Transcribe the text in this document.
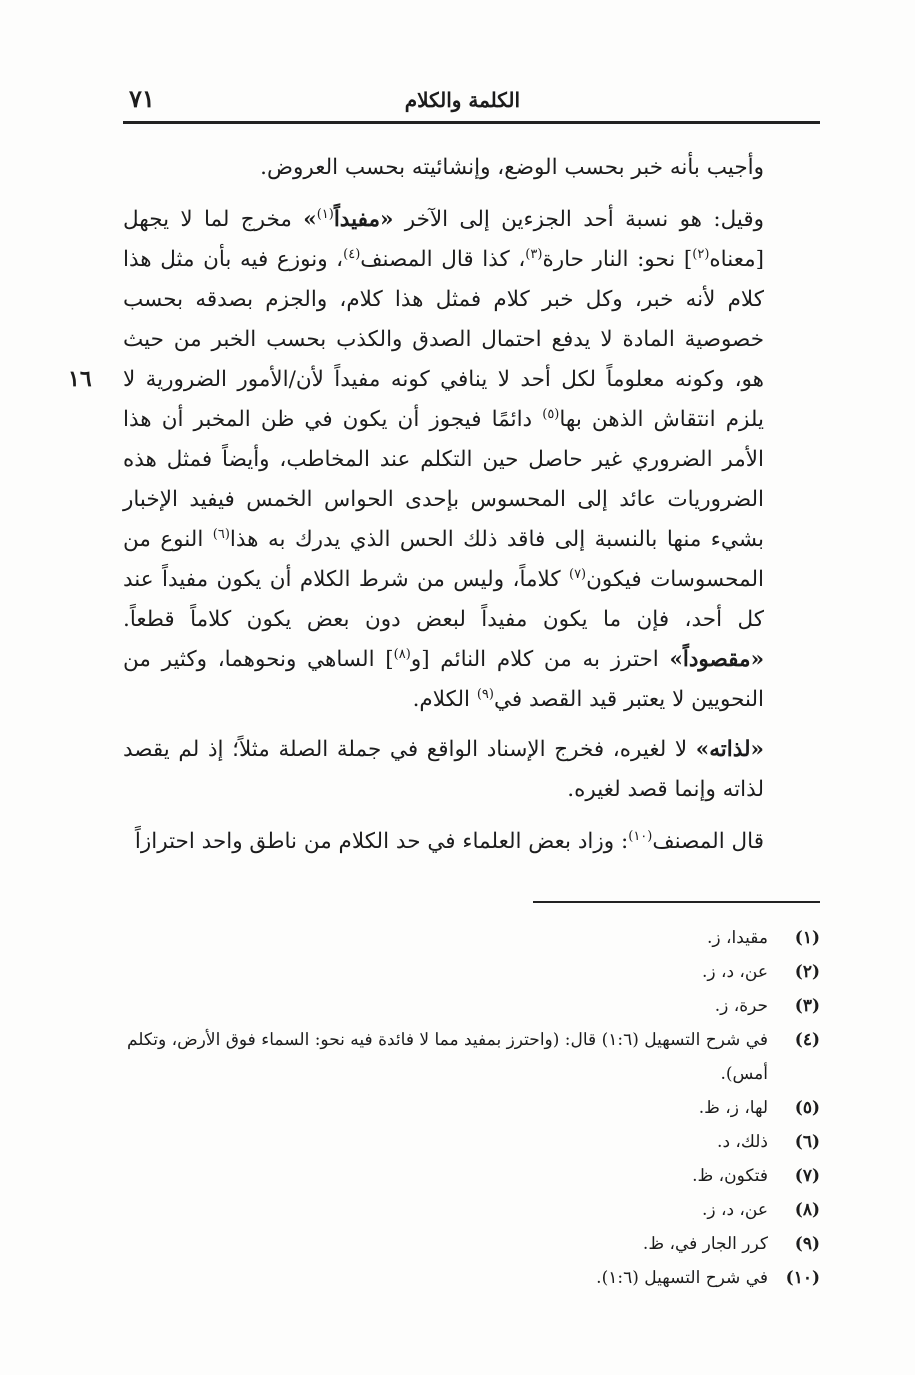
الكلمة والكلام
٧١
١٦

وأجيب بأنه خبر بحسب الوضع، وإنشائيته بحسب العروض.

وقيل: هو نسبة أحد الجزءين إلى الآخر «مفيداً$^{(١)}$» مخرج لما لا يجهل [معناه$^{(٢)}$] نحو: النار حارة$^{(٣)}$، كذا قال المصنف$^{(٤)}$، ونوزع فيه بأن مثل هذا كلام لأنه خبر، وكل خبر كلام فمثل هذا كلام، والجزم بصدقه بحسب خصوصية المادة لا يدفع احتمال الصدق والكذب بحسب الخبر من حيث هو، وكونه معلوماً لكل أحد لا ينافي كونه مفيداً لأن/الأمور الضرورية لا يلزم انتقاش الذهن بها$^{(٥)}$ دائمًا فيجوز أن يكون في ظن المخبر أن هذا الأمر الضروري غير حاصل حين التكلم عند المخاطب، وأيضاً فمثل هذه الضروريات عائد إلى المحسوس بإحدى الحواس الخمس فيفيد الإخبار بشيء منها بالنسبة إلى فاقد ذلك الحس الذي يدرك به هذا$^{(٦)}$ النوع من المحسوسات فيكون$^{(٧)}$ كلاماً، وليس من شرط الكلام أن يكون مفيداً عند كل أحد، فإن ما يكون مفيداً لبعض دون بعض يكون كلاماً قطعاً. «مقصوداً» احترز به من كلام النائم [و$^{(٨)}$] الساهي ونحوهما، وكثير من النحويين لا يعتبر قيد القصد في$^{(٩)}$ الكلام.

«لذاته» لا لغيره، فخرج الإسناد الواقع في جملة الصلة مثلاً؛ إذ لم يقصد لذاته وإنما قصد لغيره.

قال المصنف$^{(١٠)}$: وزاد بعض العلماء في حد الكلام من ناطق واحد احترازاً

(١)
مقيدا، ز.
(٢)
عن، د، ز.
(٣)
حرة، ز.
(٤)
في شرح التسهيل (١:٦) قال: (واحترز بمفيد مما لا فائدة فيه نحو: السماء فوق الأرض، وتكلم أمس).
(٥)
لها، ز، ظ.
(٦)
ذلك، د.
(٧)
فتكون، ظ.
(٨)
عن، د، ز.
(٩)
كرر الجار في، ظ.
(١٠)
في شرح التسهيل (١:٦).
